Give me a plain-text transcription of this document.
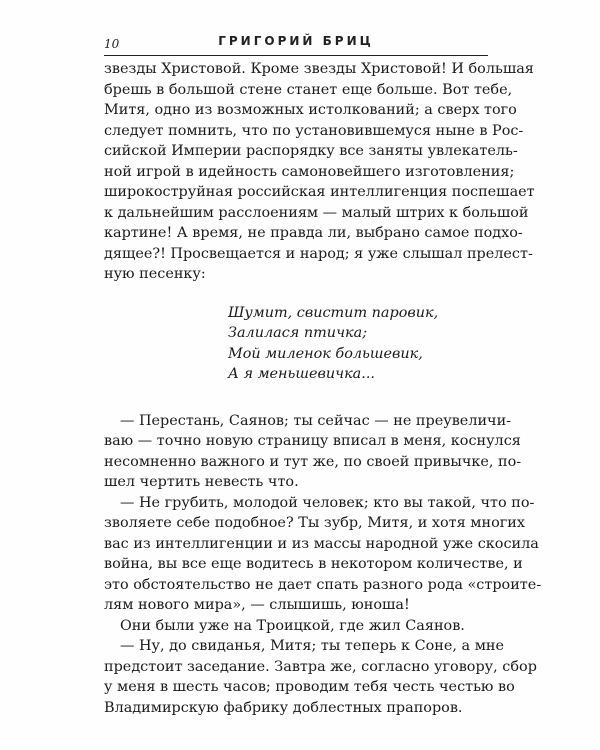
10	ГРИГОРИЙ БРИЦ
звезды Христовой. Кроме звезды Христовой! И большая
брешь в большой стене станет еще больше. Вот тебе,
Митя, одно из возможных истолкований; а сверх того
следует помнить, что по установившемуся ныне в Рос-
сийской Империи распорядку все заняты увлекатель-
ной игрой в идейность самоновейшего изготовления;
широкоструйная российская интеллигенция поспешает
к дальнейшим расслоениям — малый штрих к большой
картине! А время, не правда ли, выбрано самое подхо-
дящее?! Просвещается и народ; я уже слышал прелест-
ную песенку:
Шумит, свистит паровик,
Залилася птичка;
Мой миленок большевик,
А я меньшевичка...
— Перестань, Саянов; ты сейчас — не преувеличи-
ваю — точно новую страницу вписал в меня, коснулся
несомненно важного и тут же, по своей привычке, по-
шел чертить невесть что.
— Не грубить, молодой человек; кто вы такой, что по-
зволяете себе подобное? Ты зубр, Митя, и хотя многих
вас из интеллигенции и из массы народной уже скосила
война, вы все еще водитесь в некотором количестве, и
это обстоятельство не дает спать разного рода «строите-
лям нового мира», — слышишь, юноша!
Они были уже на Троицкой, где жил Саянов.
— Ну, до свиданья, Митя; ты теперь к Соне, а мне
предстоит заседание. Завтра же, согласно уговору, сбор
у меня в шесть часов; проводим тебя честь честью во
Владимирскую фабрику доблестных прапоров.
